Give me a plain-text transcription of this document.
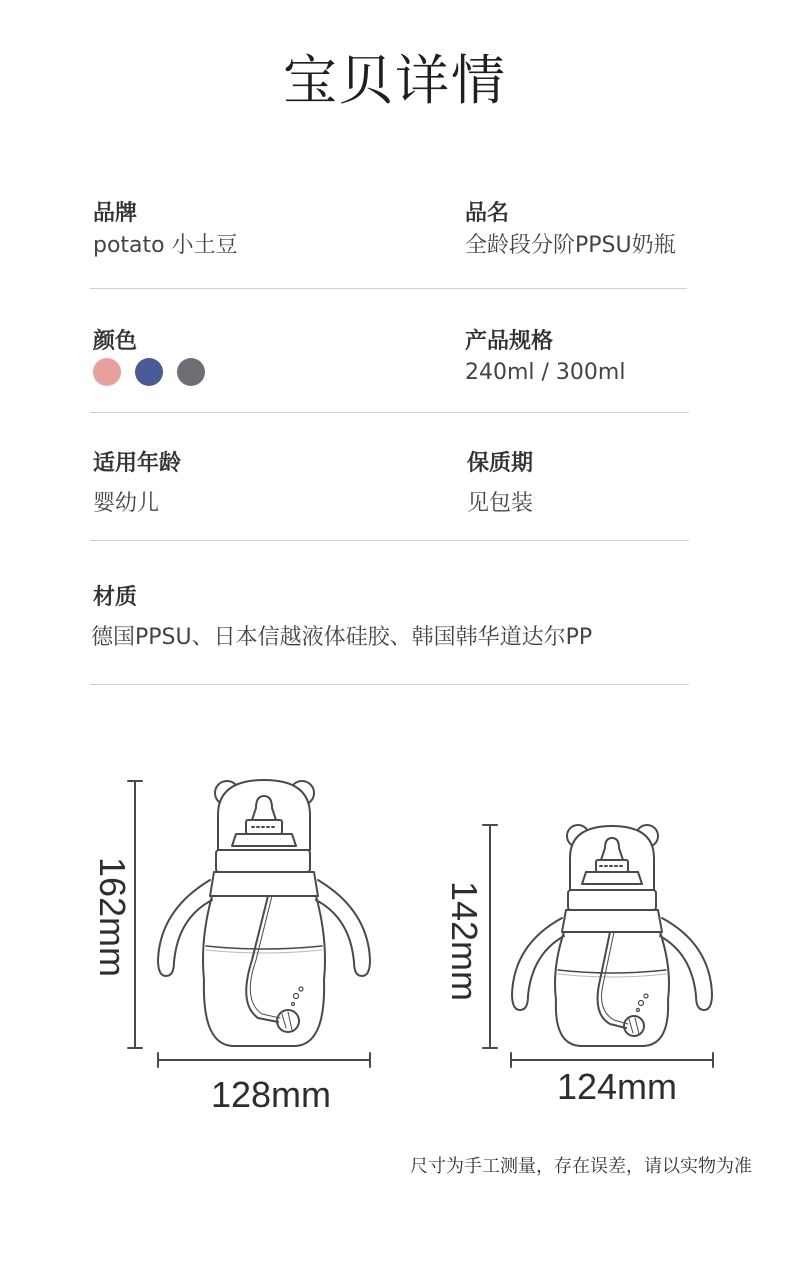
宝贝详情
品牌
potato 小土豆
品名
全龄段分阶PPSU奶瓶
颜色	产品规格
240ml / 300ml
适用年龄
婴幼儿
保质期
见包装
材质
德国PPSU、日本信越液体硅胶、韩国韩华道达尔PP
162mm
128mm
142mm
124mm
尺寸为手工测量，存在误差，请以实物为准
